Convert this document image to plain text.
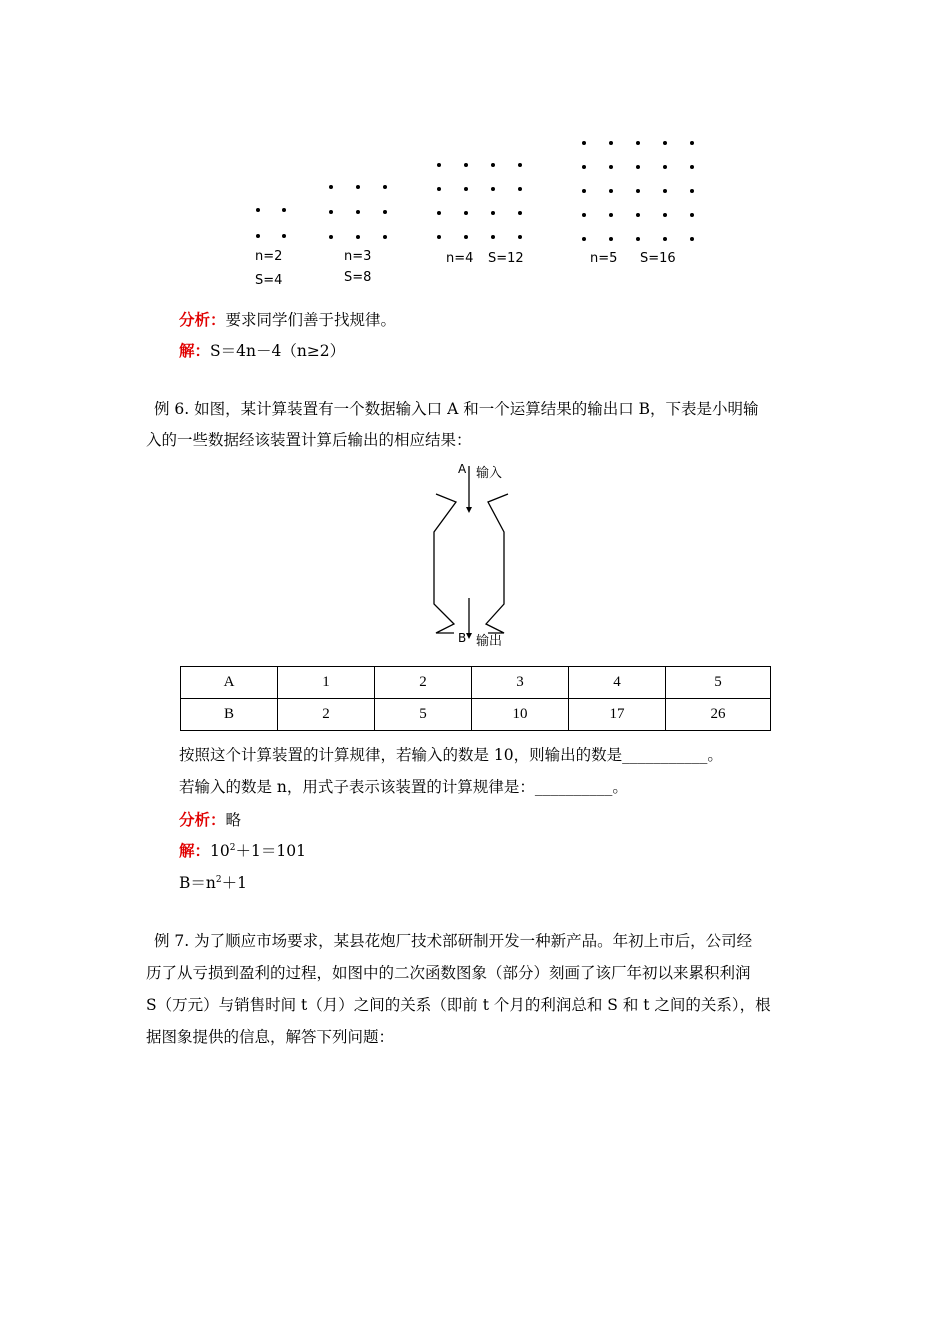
n=2
S=4
n=3
S=8
n=4 S=12	n=5 S=16
分析：要求同学们善于找规律。
解：S＝4n－4（n≥2）
例 6. 如图，某计算装置有一个数据输入口 A 和一个运算结果的输出口 B，下表是小明输
入的一些数据经该装置计算后输出的相应结果：
A 输入
B 输出
A	1	2	3	4	5
B	2	5	10	17	26
按照这个计算装置的计算规律，若输入的数是 10，则输出的数是___________。
若输入的数是 n，用式子表示该装置的计算规律是：__________。
分析：略
解：$10^2+1=101$
$B=n^2+1$
例 7. 为了顺应市场要求，某县花炮厂技术部研制开发一种新产品。年初上市后，公司经
历了从亏损到盈利的过程，如图中的二次函数图象（部分）刻画了该厂年初以来累积利润
S（万元）与销售时间 t（月）之间的关系（即前 t 个月的利润总和 S 和 t 之间的关系），根
据图象提供的信息，解答下列问题：
